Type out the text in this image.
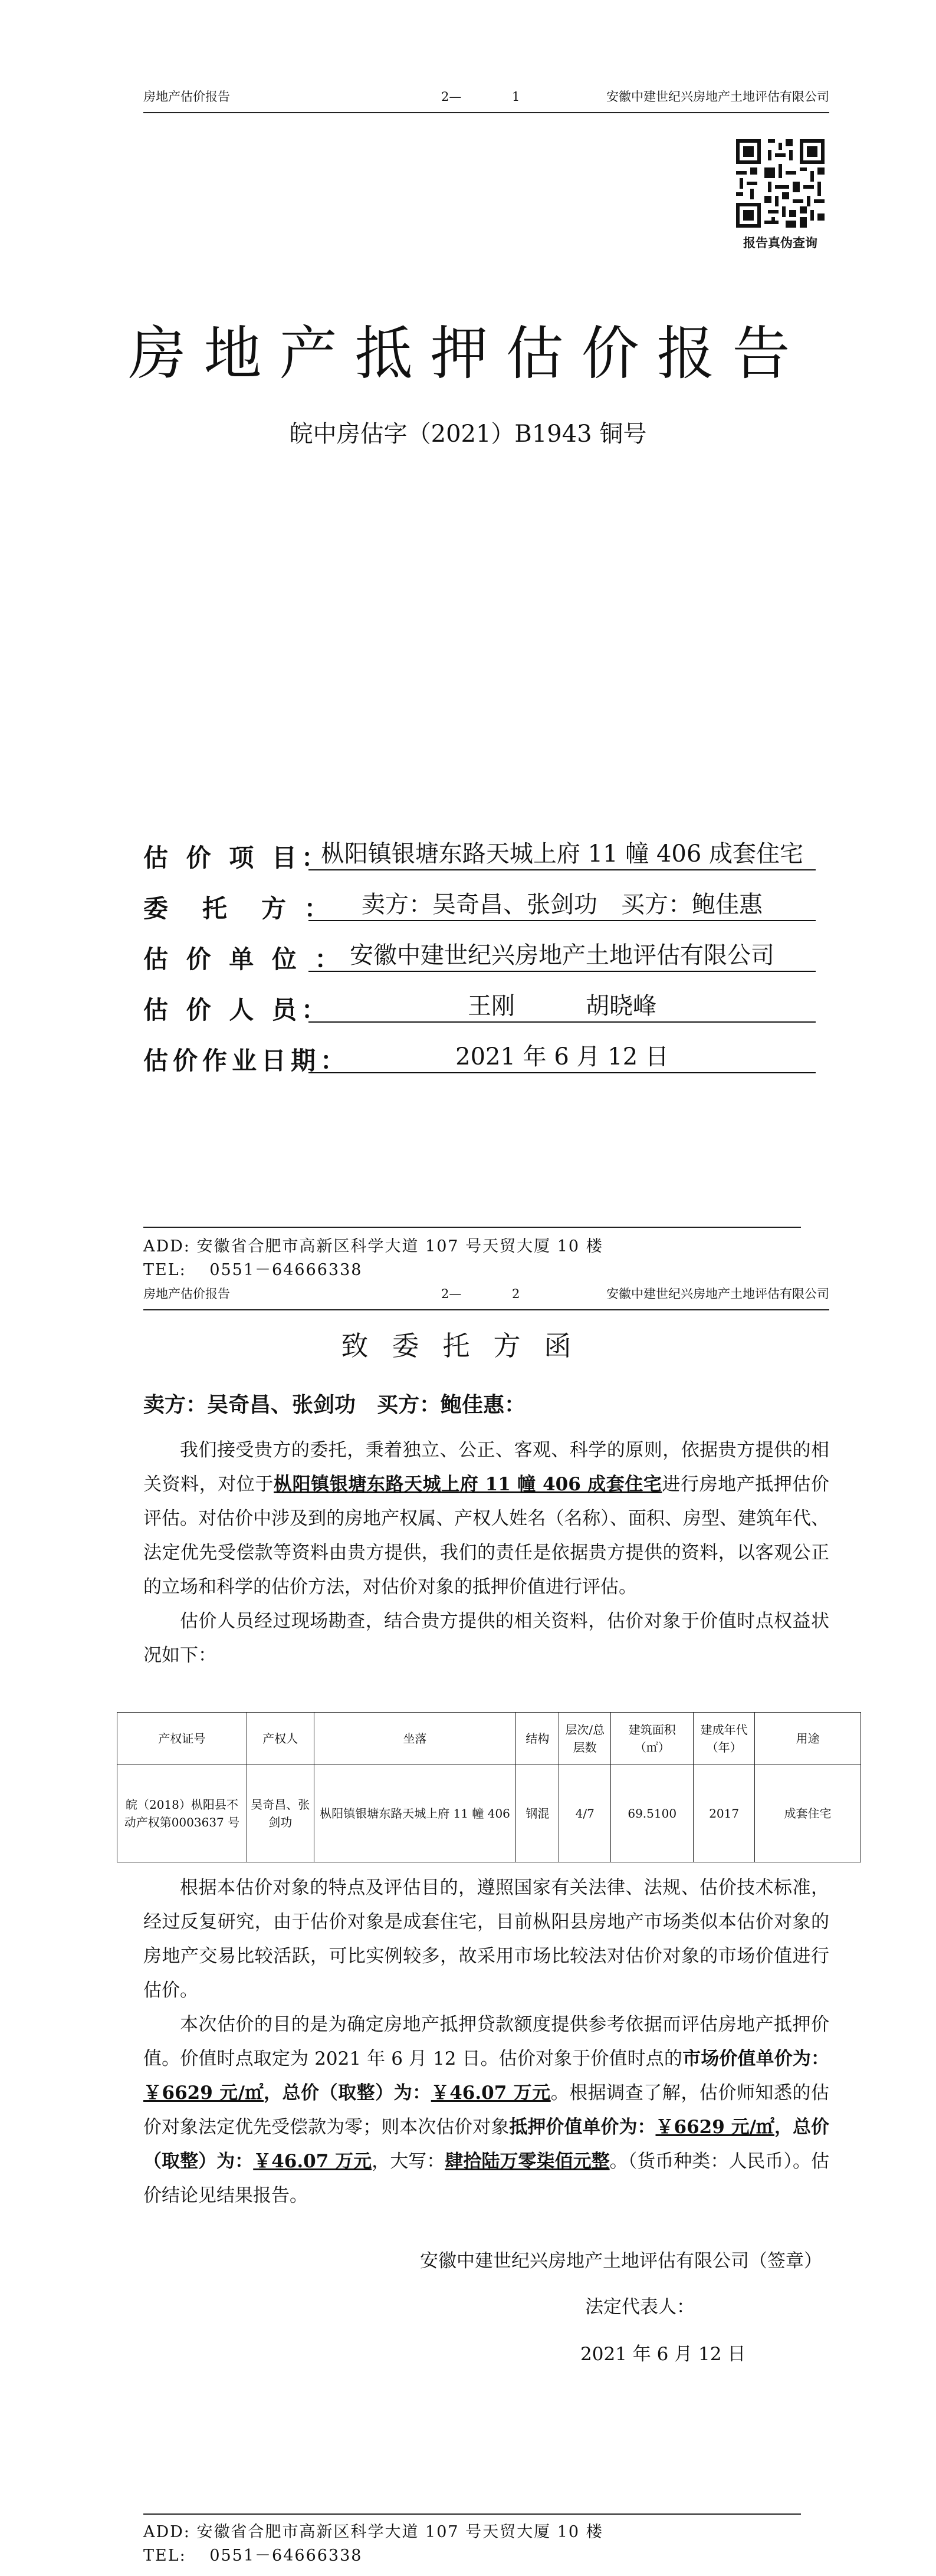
房地产估价报告	2—	1	安徽中建世纪兴房地产土地评估有限公司
报告真伪查询
房地产抵押估价报告
皖中房估字（2021）B1943 铜号
估 价 项 目：
枞阳镇银塘东路天城上府 11 幢 406 成套住宅
委　托　方 ：	卖方：吴奇昌、张剑功　买方：鲍佳惠
估 价 单 位 ： 安徽中建世纪兴房地产土地评估有限公司
估 价 人 员：	王刚　　　胡晓峰
估价作业日期：	2021 年 6 月 12 日
ADD: 安徽省合肥市高新区科学大道 107 号天贸大厦 10 楼
TEL:　 0551－64666338
房地产估价报告	2—	2	安徽中建世纪兴房地产土地评估有限公司
致委托方函
卖方：吴奇昌、张剑功　买方：鲍佳惠：

我们接受贵方的委托，秉着独立、公正、客观、科学的原则，依据贵方提供的相关资料，对位于枞阳镇银塘东路天城上府 11 幢 406 成套住宅进行房地产抵押估价评估。对估价中涉及到的房地产权属、产权人姓名（名称）、面积、房型、建筑年代、法定优先受偿款等资料由贵方提供，我们的责任是依据贵方提供的资料，以客观公正的立场和科学的估价方法，对估价对象的抵押价值进行评估。

估价人员经过现场勘查，结合贵方提供的相关资料，估价对象于价值时点权益状况如下：

产权证号	产权人	坐落	结构	层次/总层数	建筑面积（㎡）	建成年代（年）	用途
皖（2018）枞阳县不动产权第0003637 号	吴奇昌、张剑功	枞阳镇银塘东路天城上府 11 幢 406	钢混	4/7	69.5100	2017	成套住宅

根据本估价对象的特点及评估目的，遵照国家有关法律、法规、估价技术标准，经过反复研究，由于估价对象是成套住宅，目前枞阳县房地产市场类似本估价对象的房地产交易比较活跃，可比实例较多，故采用市场比较法对估价对象的市场价值进行估价。

本次估价的目的是为确定房地产抵押贷款额度提供参考依据而评估房地产抵押价值。价值时点取定为 2021 年 6 月 12 日。估价对象于价值时点的市场价值单价为：￥6629 元/㎡，总价（取整）为：￥46.07 万元。根据调查了解，估价师知悉的估价对象法定优先受偿款为零；则本次估价对象抵押价值单价为：￥6629 元/㎡，总价（取整）为：￥46.07 万元，大写：肆拾陆万零柒佰元整。（货币种类：人民币）。估价结论见结果报告。

安徽中建世纪兴房地产土地评估有限公司（签章）
法定代表人：
2021 年 6 月 12 日
ADD: 安徽省合肥市高新区科学大道 107 号天贸大厦 10 楼
TEL:　 0551－64666338
